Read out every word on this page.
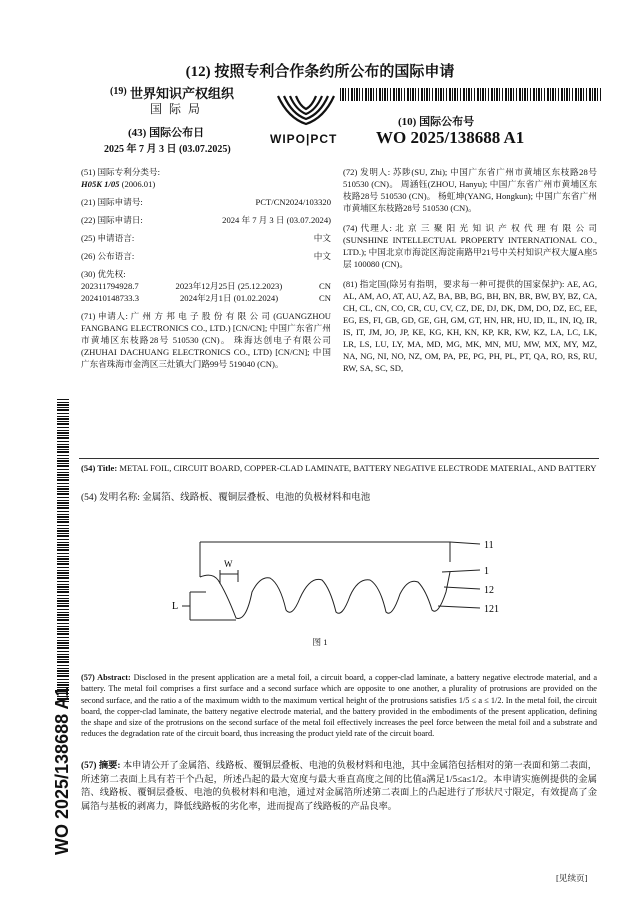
(12) 按照专利合作条约所公布的国际申请
(19) 世界知识产权组织
国 际 局
WIPO|PCT
(43) 国际公布日
2025 年 7 月 3 日 (03.07.2025)
(10) 国际公布号
WO 2025/138688 A1
(51) 国际专利分类号:
H05K 1/05 (2006.01)
(21) 国际申请号:	PCT/CN2024/103320
(22) 国际申请日:	2024 年 7 月 3 日 (03.07.2024)
(25) 申请语言:	中文
(26) 公布语言:	中文
(30) 优先权:
202311794928.7	2023年12月25日 (25.12.2023)	CN
202410148733.3	2024年2月1日 (01.02.2024)	CN
(71) 申请人: 广 州 方 邦 电 子 股 份 有 限 公 司 (GUANGZHOU FANGBANG ELECTRONICS CO., LTD.) [CN/CN]; 中国广东省广州市黄埔区东枝路28号 510530 (CN)。 珠海达创电子有限公司(ZHUHAI DACHUANG ELECTRONICS CO., LTD) [CN/CN]; 中国广东省珠海市金湾区三灶镇大门路99号 519040 (CN)。
(72) 发明人: 苏陟(SU, Zhi); 中国广东省广州市黄埔区东枝路28号 510530 (CN)。 周涵钰(ZHOU, Hanyu); 中国广东省广州市黄埔区东枝路28号 510530 (CN)。 杨虹坤(YANG, Hongkun); 中国广东省广州市黄埔区东枝路28号 510530 (CN)。
(74) 代理人: 北 京 三 聚 阳 光 知 识 产 权 代 理 有 限 公 司 (SUNSHINE INTELLECTUAL PROPERTY INTERNATIONAL CO., LTD.); 中国北京市海淀区海淀南路甲21号中关村知识产权大厦A座5层 100080 (CN)。
(81) 指定国(除另有指明，要求每一种可提供的国家保护): AE, AG, AL, AM, AO, AT, AU, AZ, BA, BB, BG, BH, BN, BR, BW, BY, BZ, CA, CH, CL, CN, CO, CR, CU, CV, CZ, DE, DJ, DK, DM, DO, DZ, EC, EE, EG, ES, FI, GB, GD, GE, GH, GM, GT, HN, HR, HU, ID, IL, IN, IQ, IR, IS, IT, JM, JO, JP, KE, KG, KH, KN, KP, KR, KW, KZ, LA, LC, LK, LR, LS, LU, LY, MA, MD, MG, MK, MN, MU, MW, MX, MY, MZ, NA, NG, NI, NO, NZ, OM, PA, PE, PG, PH, PL, PT, QA, RO, RS, RU, RW, SA, SC, SD,
(54) Title: METAL FOIL, CIRCUIT BOARD, COPPER-CLAD LAMINATE, BATTERY NEGATIVE ELECTRODE MATERIAL, AND BATTERY
(54) 发明名称: 金属箔、线路板、覆铜层叠板、电池的负极材料和电池
W
L
11
1
12
121
图 1
(57) Abstract: Disclosed in the present application are a metal foil, a circuit board, a copper-clad laminate, a battery negative electrode material, and a battery. The metal foil comprises a first surface and a second surface which are opposite to one another, a plurality of protrusions are provided on the second surface, and the ratio a of the maximum width to the maximum vertical height of the protrusions satisfies 1/5 ≤ a ≤ 1/2. In the metal foil, the circuit board, the copper-clad laminate, the battery negative electrode material, and the battery provided in the embodiments of the present application, defining the shape and size of the protrusions on the second surface of the metal foil effectively increases the peel force between the metal foil and a substrate and reduces the degradation rate of the circuit board, thus increasing the product yield rate of the circuit board.
(57) 摘要: 本申请公开了金属箔、线路板、覆铜层叠板、电池的负极材料和电池，其中金属箔包括相对的第一表面和第二表面，所述第二表面上具有若干个凸起，所述凸起的最大宽度与最大垂直高度之间的比值a满足1/5≤a≤1/2。本申请实施例提供的金属箔、线路板、覆铜层叠板、电池的负极材料和电池，通过对金属箔所述第二表面上的凸起进行了形状尺寸限定，有效提高了金属箔与基板的剥离力，降低线路板的劣化率，进而提高了线路板的产品良率。
WO 2025/138688 A1
[见续页]
